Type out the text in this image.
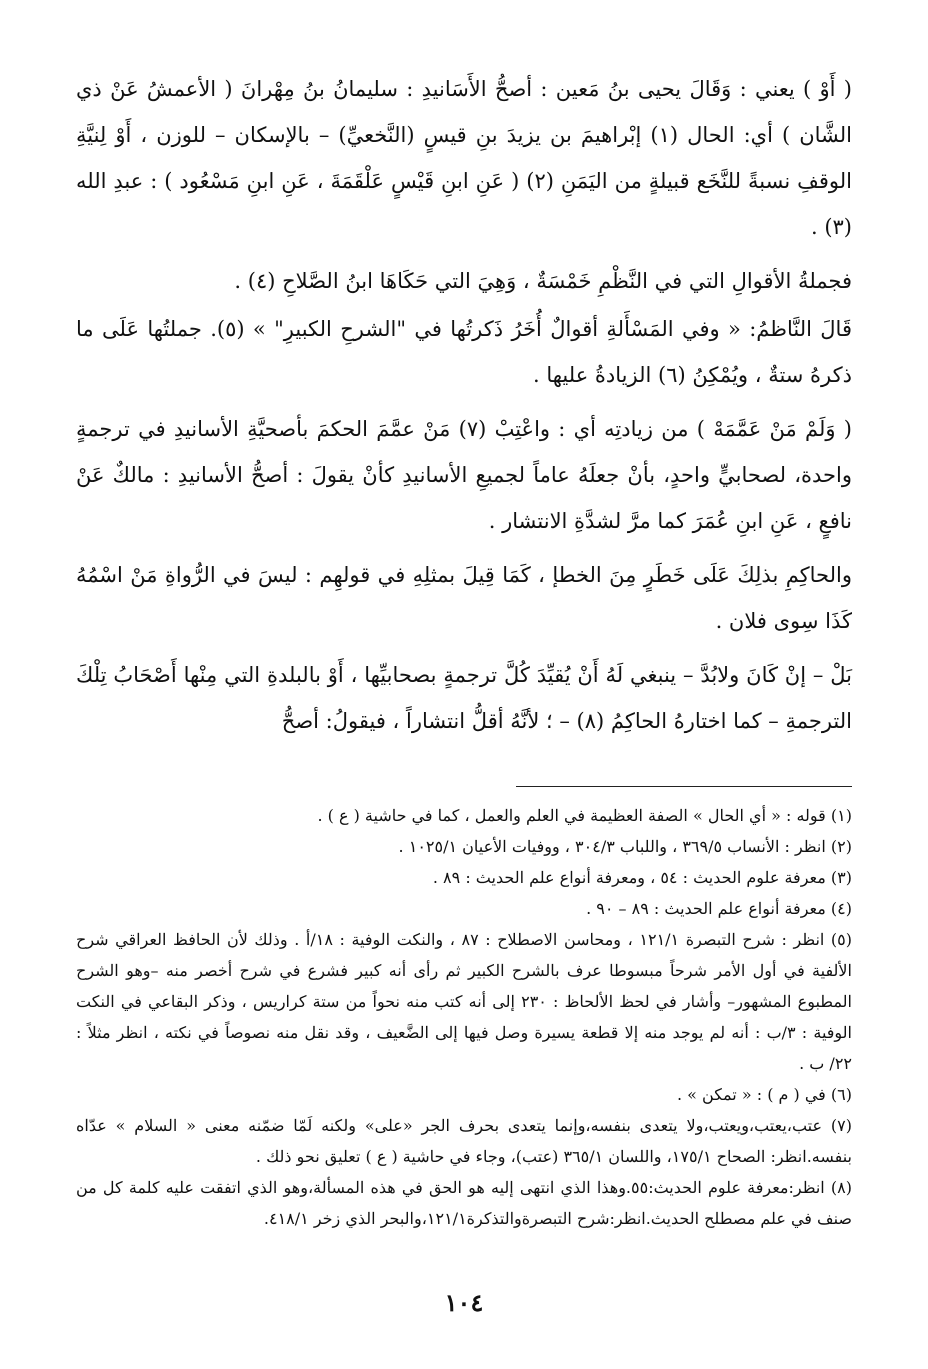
( أَوْ ) يعني : وَقَالَ يحيى بنُ مَعين : أصحُّ الأَسَانيدِ : سليمانُ بنُ مِهْرانَ ( الأعمشُ عَنْ ذي الشَّان ) أي: الحال (١) إبْراهيمَ بن يزيدَ بنِ قيسٍ (النَّخعيِّ) – بالإسكان – للوزن ، أَوْ لِنيَّةِ الوقفِ نسبةً للنَّخَع قبيلةٍ من اليَمَنِ (٢) ( عَنِ ابنِ قَيْسٍ عَلْقَمَةَ ، عَنِ ابنِ مَسْعُود ) : عبدِ الله (٣) .

فجملةُ الأقوالِ التي في النَّظْمِ خَمْسَةٌ ، وَهِيَ التي حَكَاهَا ابنُ الصَّلاحِ (٤) .

قَالَ النَّاظمُ: « وفي المَسْأَلةِ أقوالٌ أُخَرُ ذَكرتُها في "الشرحِ الكبيرِ" » (٥). جملتُها عَلَى ما ذكرهُ ستةٌ ، ويُمْكِنُ (٦) الزيادةُ عليها .

( وَلَمْ مَنْ عَمَّمَهْ ) من زيادتِه أي : واعْتِبْ (٧) مَنْ عمَّمَ الحكمَ بأصحيَّةِ الأسانيدِ في ترجمةٍ واحدة، لصحابيٍّ واحدٍ، بأنْ جعلَهُ عاماً لجميعِ الأسانيدِ كأنْ يقولَ : أصحُّ الأسانيدِ : مالكٌ عَنْ نافعٍ ، عَنِ ابنِ عُمَرَ كما مرَّ لشدَّةِ الانتشار .

والحاكِمِ بذلِكَ عَلَى خَطَرٍ مِنَ الخطإ ، كَمَا قِيلَ بمثلِهِ في قولهِم : ليسَ في الرُّواةِ مَنْ اسْمُهُ كَذَا سِوى فلان .

بَلْ – إنْ كَانَ ولابُدَّ – ينبغي لَهُ أَنْ يُقيِّدَ كُلَّ ترجمةٍ بصحابيِّها ، أَوْ بالبلدةِ التي مِنْها أَصْحَابُ تِلْكَ الترجمةِ – كما اختارهُ الحاكِمُ (٨) – ؛ لأنَّهُ أقلُّ انتشاراً ، فيقولُ: أصحُّ

(١) قوله : « أي الحال » الصفة العظيمة في العلم والعمل ، كما في حاشية ( ع ) .

(٢) انظر : الأنساب ٣٦٩/٥ ، واللباب ٣٠٤/٣ ، ووفيات الأعيان ١٠٢٥/١ .

(٣) معرفة علوم الحديث : ٥٤ ، ومعرفة أنواع علم الحديث : ٨٩ .

(٤) معرفة أنواع علم الحديث : ٨٩ – ٩٠ .

(٥) انظر : شرح التبصرة ١٢١/١ ، ومحاسن الاصطلاح : ٨٧ ، والنكت الوفية : ١٨/أ . وذلك لأن الحافظ العراقي شرح الألفية في أول الأمر شرحاً مبسوطا عرف بالشرح الكبير ثم رأى أنه كبير فشرع في شرح أخصر منه –وهو الشرح المطبوع المشهور– وأشار في لحظ الألحاظ : ٢٣٠ إلى أنه كتب منه نحواً من ستة كراريس ، وذكر البقاعي في النكت الوفية : ٣/ب : أنه لم يوجد منه إلا قطعة يسيرة وصل فيها إلى الضَّعيف ، وقد نقل منه نصوصاً في نكته ، انظر مثلاً : ٢٢/ ب .

(٦) في ( م ) : « تمكن » .

(٧) عتب،يعتب،ويعتب،ولا يتعدى بنفسه،وإنما يتعدى بحرف الجر «على» ولكنه لَمّا ضمّنه معنى « السلام » عدّاه بنفسه.انظر: الصحاح ١٧٥/١، واللسان ٣٦٥/١ (عتب)، وجاء في حاشية ( ع ) تعليق نحو ذلك .

(٨) انظر:معرفة علوم الحديث:٥٥.وهذا الذي انتهى إليه هو الحق في هذه المسألة،وهو الذي اتفقت عليه كلمة كل من صنف في علم مصطلح الحديث.انظر:شرح التبصرةوالتذكرة١٢١/١،والبحر الذي زخر ٤١٨/١.

١٠٤
